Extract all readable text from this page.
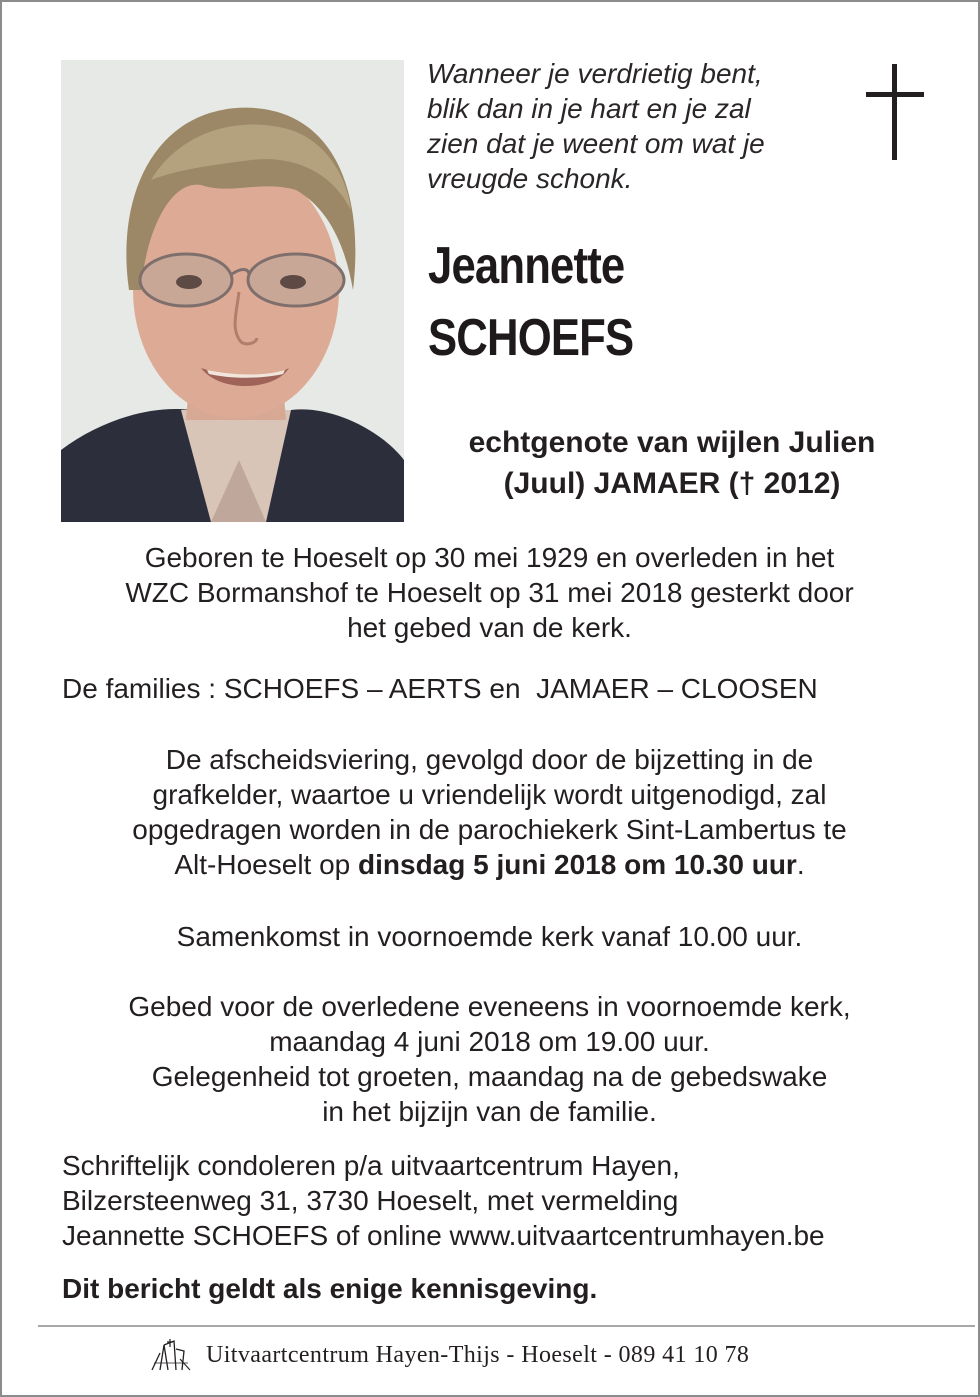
Wanneer je verdrietig bent,
blik dan in je hart en je zal
zien dat je weent om wat je
vreugde schonk.
Jeannette
SCHOEFS
echtgenote van wijlen Julien
(Juul) JAMAER († 2012)
Geboren te Hoeselt op 30 mei 1929 en overleden in het
WZC Bormanshof te Hoeselt op 31 mei 2018 gesterkt door
het gebed van de kerk.
De families : SCHOEFS – AERTS en  JAMAER – CLOOSEN
De afscheidsviering, gevolgd door de bijzetting in de
grafkelder, waartoe u vriendelijk wordt uitgenodigd, zal
opgedragen worden in de parochiekerk Sint-Lambertus te
Alt-Hoeselt op dinsdag 5 juni 2018 om 10.30 uur.
Samenkomst in voornoemde kerk vanaf 10.00 uur.
Gebed voor de overledene eveneens in voornoemde kerk,
maandag 4 juni 2018 om 19.00 uur.
Gelegenheid tot groeten, maandag na de gebedswake
in het bijzijn van de familie.
Schriftelijk condoleren p/a uitvaartcentrum Hayen,
Bilzersteenweg 31, 3730 Hoeselt, met vermelding
Jeannette SCHOEFS of online www.uitvaartcentrumhayen.be
Dit bericht geldt als enige kennisgeving.
Uitvaartcentrum Hayen-Thijs - Hoeselt - 089 41 10 78
